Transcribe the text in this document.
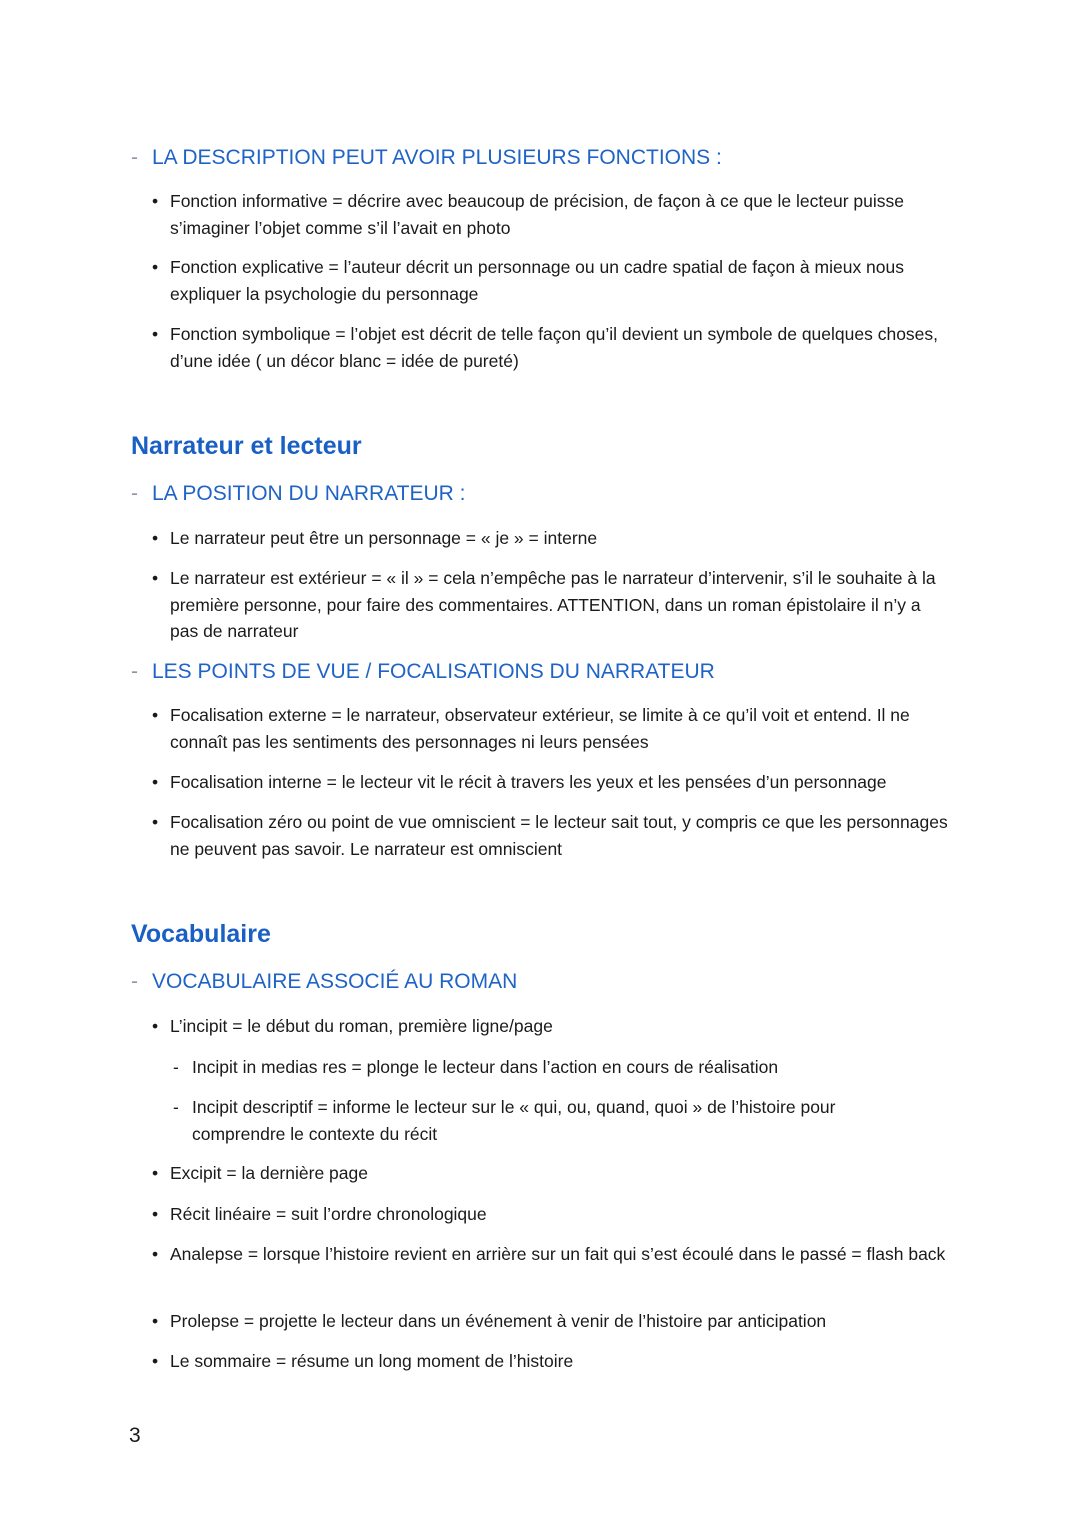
- LA DESCRIPTION PEUT AVOIR PLUSIEURS FONCTIONS :
• Fonction informative = décrire avec beaucoup de précision, de façon à ce que le lecteur puisse s’imaginer l’objet comme s’il l’avait en photo
• Fonction explicative = l’auteur décrit un personnage ou un cadre spatial de façon à mieux nous expliquer la psychologie du personnage
• Fonction symbolique = l’objet est décrit de telle façon qu’il devient un symbole de quelques choses, d’une idée ( un décor blanc = idée de pureté)
Narrateur et lecteur
- LA POSITION DU NARRATEUR :
• Le narrateur peut être un personnage = « je » = interne
• Le narrateur est extérieur = « il » = cela n’empêche pas le narrateur d’intervenir, s’il le souhaite à la première personne, pour faire des commentaires. ATTENTION, dans un roman épistolaire il n’y a pas de narrateur
- LES POINTS DE VUE / FOCALISATIONS DU NARRATEUR
• Focalisation externe = le narrateur, observateur extérieur, se limite à ce qu’il voit et entend. Il ne connaît pas les sentiments des personnages ni leurs pensées
• Focalisation interne = le lecteur vit le récit à travers les yeux et les pensées d’un personnage
• Focalisation zéro ou point de vue omniscient = le lecteur sait tout, y compris ce que les personnages ne peuvent pas savoir. Le narrateur est omniscient
Vocabulaire
- VOCABULAIRE ASSOCIÉ AU ROMAN
• L’incipit = le début du roman, première ligne/page
- Incipit in medias res = plonge le lecteur dans l’action en cours de réalisation
- Incipit descriptif = informe le lecteur sur le « qui, ou, quand, quoi » de l’histoire pour comprendre le contexte du récit
• Excipit = la dernière page
• Récit linéaire = suit l’ordre chronologique
• Analepse = lorsque l’histoire revient en arrière sur un fait qui s’est écoulé dans le passé = flash back
• Prolepse = projette le lecteur dans un événement à venir de l’histoire par anticipation
• Le sommaire = résume un long moment de l’histoire
3
